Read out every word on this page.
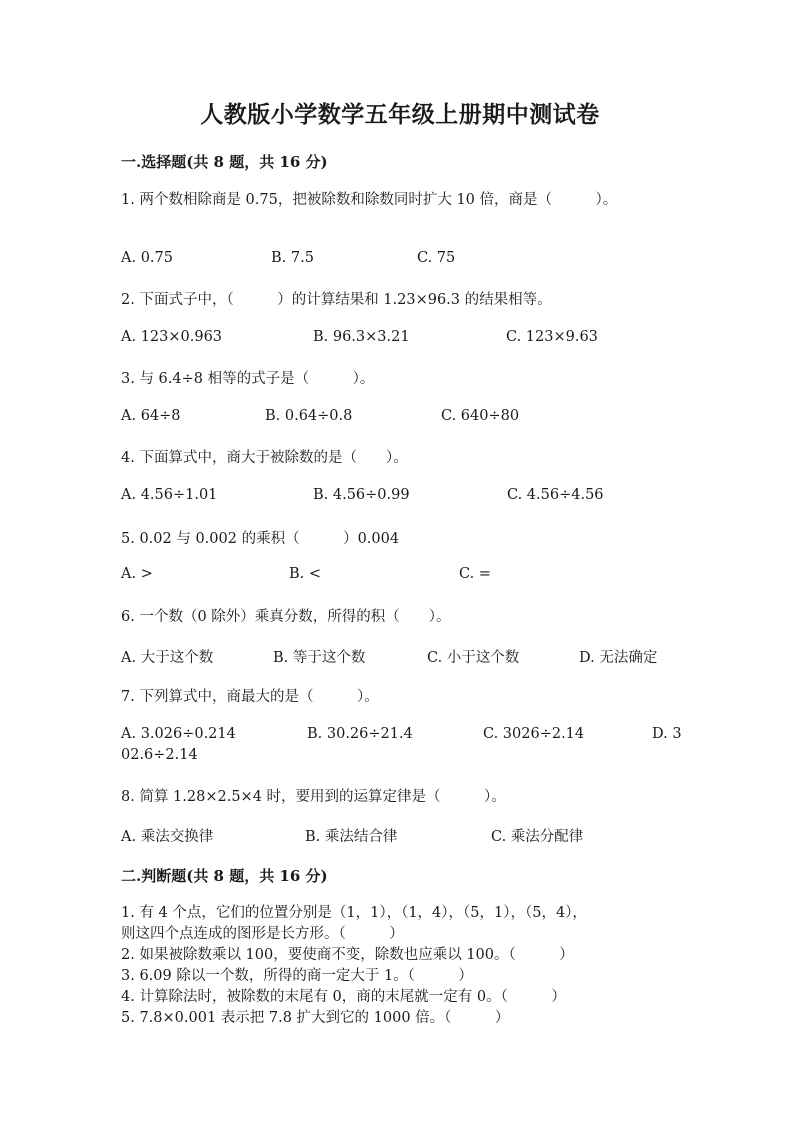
人教版小学数学五年级上册期中测试卷
一.选择题(共 8 题，共 16 分)
1. 两个数相除商是 0.75，把被除数和除数同时扩大 10 倍，商是（　　　）。
A. 0.75	B. 7.5	C. 75
2. 下面式子中，（　　　）的计算结果和 1.23×96.3 的结果相等。
A. 123×0.963	B. 96.3×3.21	C. 123×9.63
3. 与 6.4÷8 相等的式子是（　　　）。
A. 64÷8	B. 0.64÷0.8	C. 640÷80
4. 下面算式中，商大于被除数的是（　　）。
A. 4.56÷1.01	B. 4.56÷0.99	C. 4.56÷4.56
5. 0.02 与 0.002 的乘积（　　　）0.004
A. >	B. <	C. =
6. 一个数（0 除外）乘真分数，所得的积（　　）。
A. 大于这个数	B. 等于这个数	C. 小于这个数	D. 无法确定
7. 下列算式中，商最大的是（　　　）。
A. 3.026÷0.214	B. 30.26÷21.4	C. 3026÷2.14	D. 3
02.6÷2.14
8. 简算 1.28×2.5×4 时，要用到的运算定律是（　　　）。
A. 乘法交换律	B. 乘法结合律	C. 乘法分配律
二.判断题(共 8 题，共 16 分)
1. 有 4 个点，它们的位置分别是（1，1），（1，4），（5，1），（5，4），
则这四个点连成的图形是长方形。（　　　）
2. 如果被除数乘以 100，要使商不变，除数也应乘以 100。（　　　）
3. 6.09 除以一个数，所得的商一定大于 1。（　　　）
4. 计算除法时，被除数的末尾有 0，商的末尾就一定有 0。（　　　）
5. 7.8×0.001 表示把 7.8 扩大到它的 1000 倍。（　　　）
